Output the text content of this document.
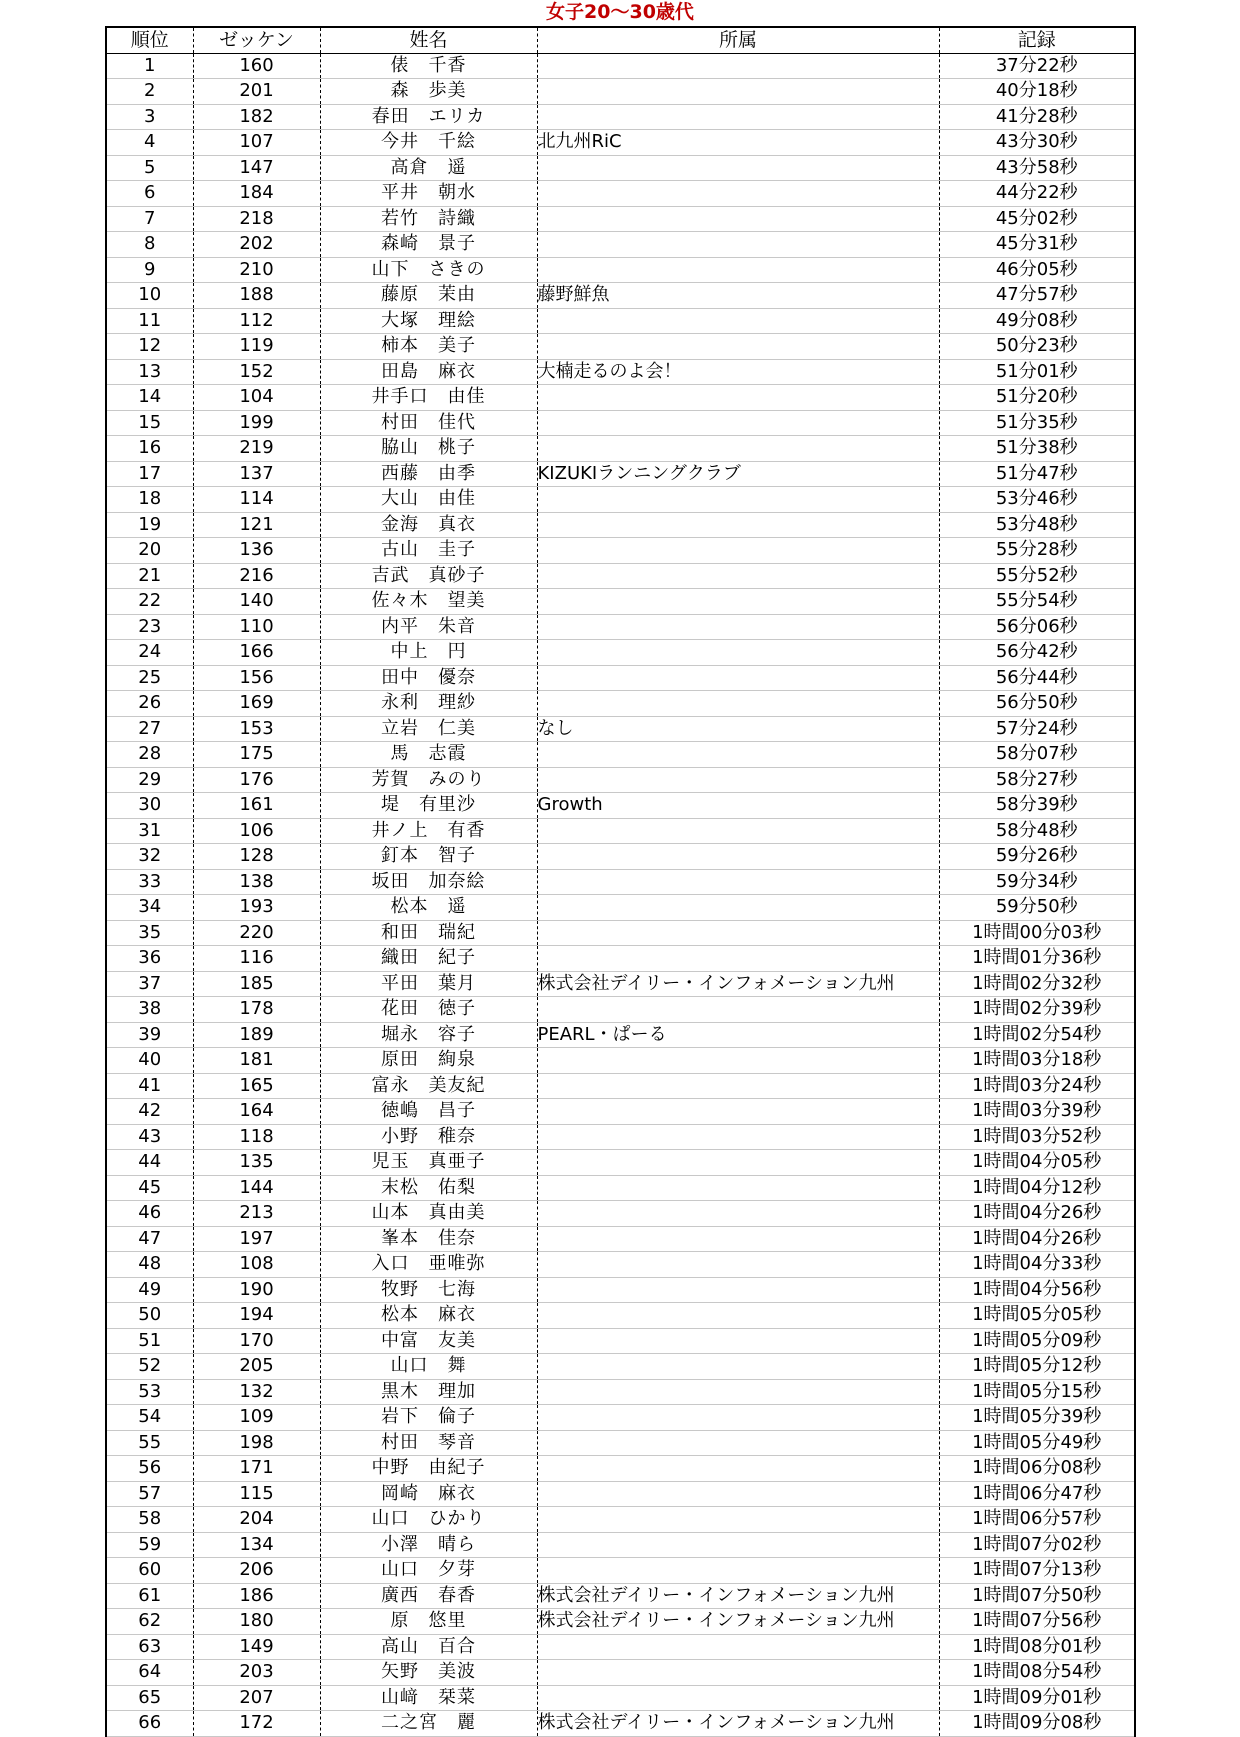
女子20～30歳代
順位	ゼッケン	姓名	所属	記録
1	160	俵　千香		37分22秒
2	201	森　歩美		40分18秒
3	182	春田　エリカ		41分28秒
4	107	今井　千絵	北九州RiC	43分30秒
5	147	高倉　遥		43分58秒
6	184	平井　朝水		44分22秒
7	218	若竹　詩織		45分02秒
8	202	森崎　景子		45分31秒
9	210	山下　さきの		46分05秒
10	188	藤原　茉由	藤野鮮魚	47分57秒
11	112	大塚　理絵		49分08秒
12	119	柿本　美子		50分23秒
13	152	田島　麻衣	大楠走るのよ会！	51分01秒
14	104	井手口　由佳		51分20秒
15	199	村田　佳代		51分35秒
16	219	脇山　桃子		51分38秒
17	137	西藤　由季	KIZUKIランニングクラブ	51分47秒
18	114	大山　由佳		53分46秒
19	121	金海　真衣		53分48秒
20	136	古山　圭子		55分28秒
21	216	吉武　真砂子		55分52秒
22	140	佐々木　望美		55分54秒
23	110	内平　朱音		56分06秒
24	166	中上　円		56分42秒
25	156	田中　優奈		56分44秒
26	169	永利　理紗		56分50秒
27	153	立岩　仁美	なし	57分24秒
28	175	馬　志霞		58分07秒
29	176	芳賀　みのり		58分27秒
30	161	堤　有里沙	Growth	58分39秒
31	106	井ノ上　有香		58分48秒
32	128	釘本　智子		59分26秒
33	138	坂田　加奈絵		59分34秒
34	193	松本　遥		59分50秒
35	220	和田　瑞紀		1時間00分03秒
36	116	織田　紀子		1時間01分36秒
37	185	平田　葉月	株式会社デイリー・インフォメーション九州	1時間02分32秒
38	178	花田　徳子		1時間02分39秒
39	189	堀永　容子	PEARL・ぱーる	1時間02分54秒
40	181	原田　絢泉		1時間03分18秒
41	165	富永　美友紀		1時間03分24秒
42	164	徳嶋　昌子		1時間03分39秒
43	118	小野　稚奈		1時間03分52秒
44	135	児玉　真亜子		1時間04分05秒
45	144	末松　佑梨		1時間04分12秒
46	213	山本　真由美		1時間04分26秒
47	197	峯本　佳奈		1時間04分26秒
48	108	入口　亜唯弥		1時間04分33秒
49	190	牧野　七海		1時間04分56秒
50	194	松本　麻衣		1時間05分05秒
51	170	中富　友美		1時間05分09秒
52	205	山口　舞		1時間05分12秒
53	132	黒木　理加		1時間05分15秒
54	109	岩下　倫子		1時間05分39秒
55	198	村田　琴音		1時間05分49秒
56	171	中野　由紀子		1時間06分08秒
57	115	岡崎　麻衣		1時間06分47秒
58	204	山口　ひかり		1時間06分57秒
59	134	小澤　晴ら		1時間07分02秒
60	206	山口　夕芽		1時間07分13秒
61	186	廣西　春香	株式会社デイリー・インフォメーション九州	1時間07分50秒
62	180	原　悠里	株式会社デイリー・インフォメーション九州	1時間07分56秒
63	149	高山　百合		1時間08分01秒
64	203	矢野　美波		1時間08分54秒
65	207	山﨑　栞菜		1時間09分01秒
66	172	二之宮　麗	株式会社デイリー・インフォメーション九州	1時間09分08秒
